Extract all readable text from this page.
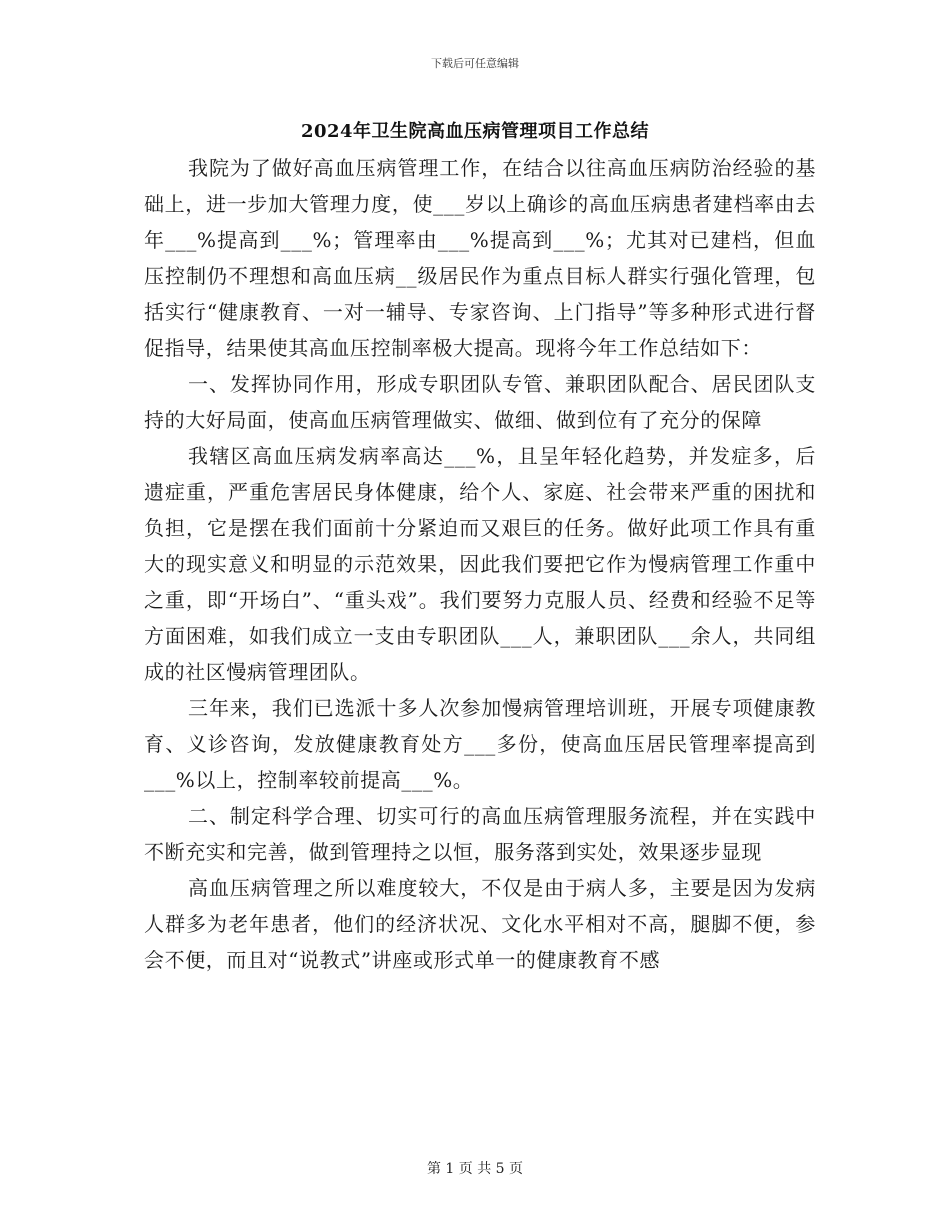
下载后可任意编辑
2024年卫生院高血压病管理项目工作总结

我院为了做好高血压病管理工作，在结合以往高血压病防治经验的基础上，进一步加大管理力度，使___岁以上确诊的高血压病患者建档率由去年___%提高到___%；管理率由___%提高到___%；尤其对已建档，但血压控制仍不理想和高血压病__级居民作为重点目标人群实行强化管理，包括实行“健康教育、一对一辅导、专家咨询、上门指导”等多种形式进行督促指导，结果使其高血压控制率极大提高。现将今年工作总结如下：

一、发挥协同作用，形成专职团队专管、兼职团队配合、居民团队支持的大好局面，使高血压病管理做实、做细、做到位有了充分的保障

我辖区高血压病发病率高达___%，且呈年轻化趋势，并发症多，后遗症重，严重危害居民身体健康，给个人、家庭、社会带来严重的困扰和负担，它是摆在我们面前十分紧迫而又艰巨的任务。做好此项工作具有重大的现实意义和明显的示范效果，因此我们要把它作为慢病管理工作重中之重，即“开场白”、“重头戏”。我们要努力克服人员、经费和经验不足等方面困难，如我们成立一支由专职团队___人，兼职团队___余人，共同组成的社区慢病管理团队。

三年来，我们已选派十多人次参加慢病管理培训班，开展专项健康教育、义诊咨询，发放健康教育处方___多份，使高血压居民管理率提高到___%以上，控制率较前提高___%。

二、制定科学合理、切实可行的高血压病管理服务流程，并在实践中不断充实和完善，做到管理持之以恒，服务落到实处，效果逐步显现

高血压病管理之所以难度较大，不仅是由于病人多，主要是因为发病人群多为老年患者，他们的经济状况、文化水平相对不高，腿脚不便，参会不便，而且对“说教式”讲座或形式单一的健康教育不感

第 1 页 共 5 页
